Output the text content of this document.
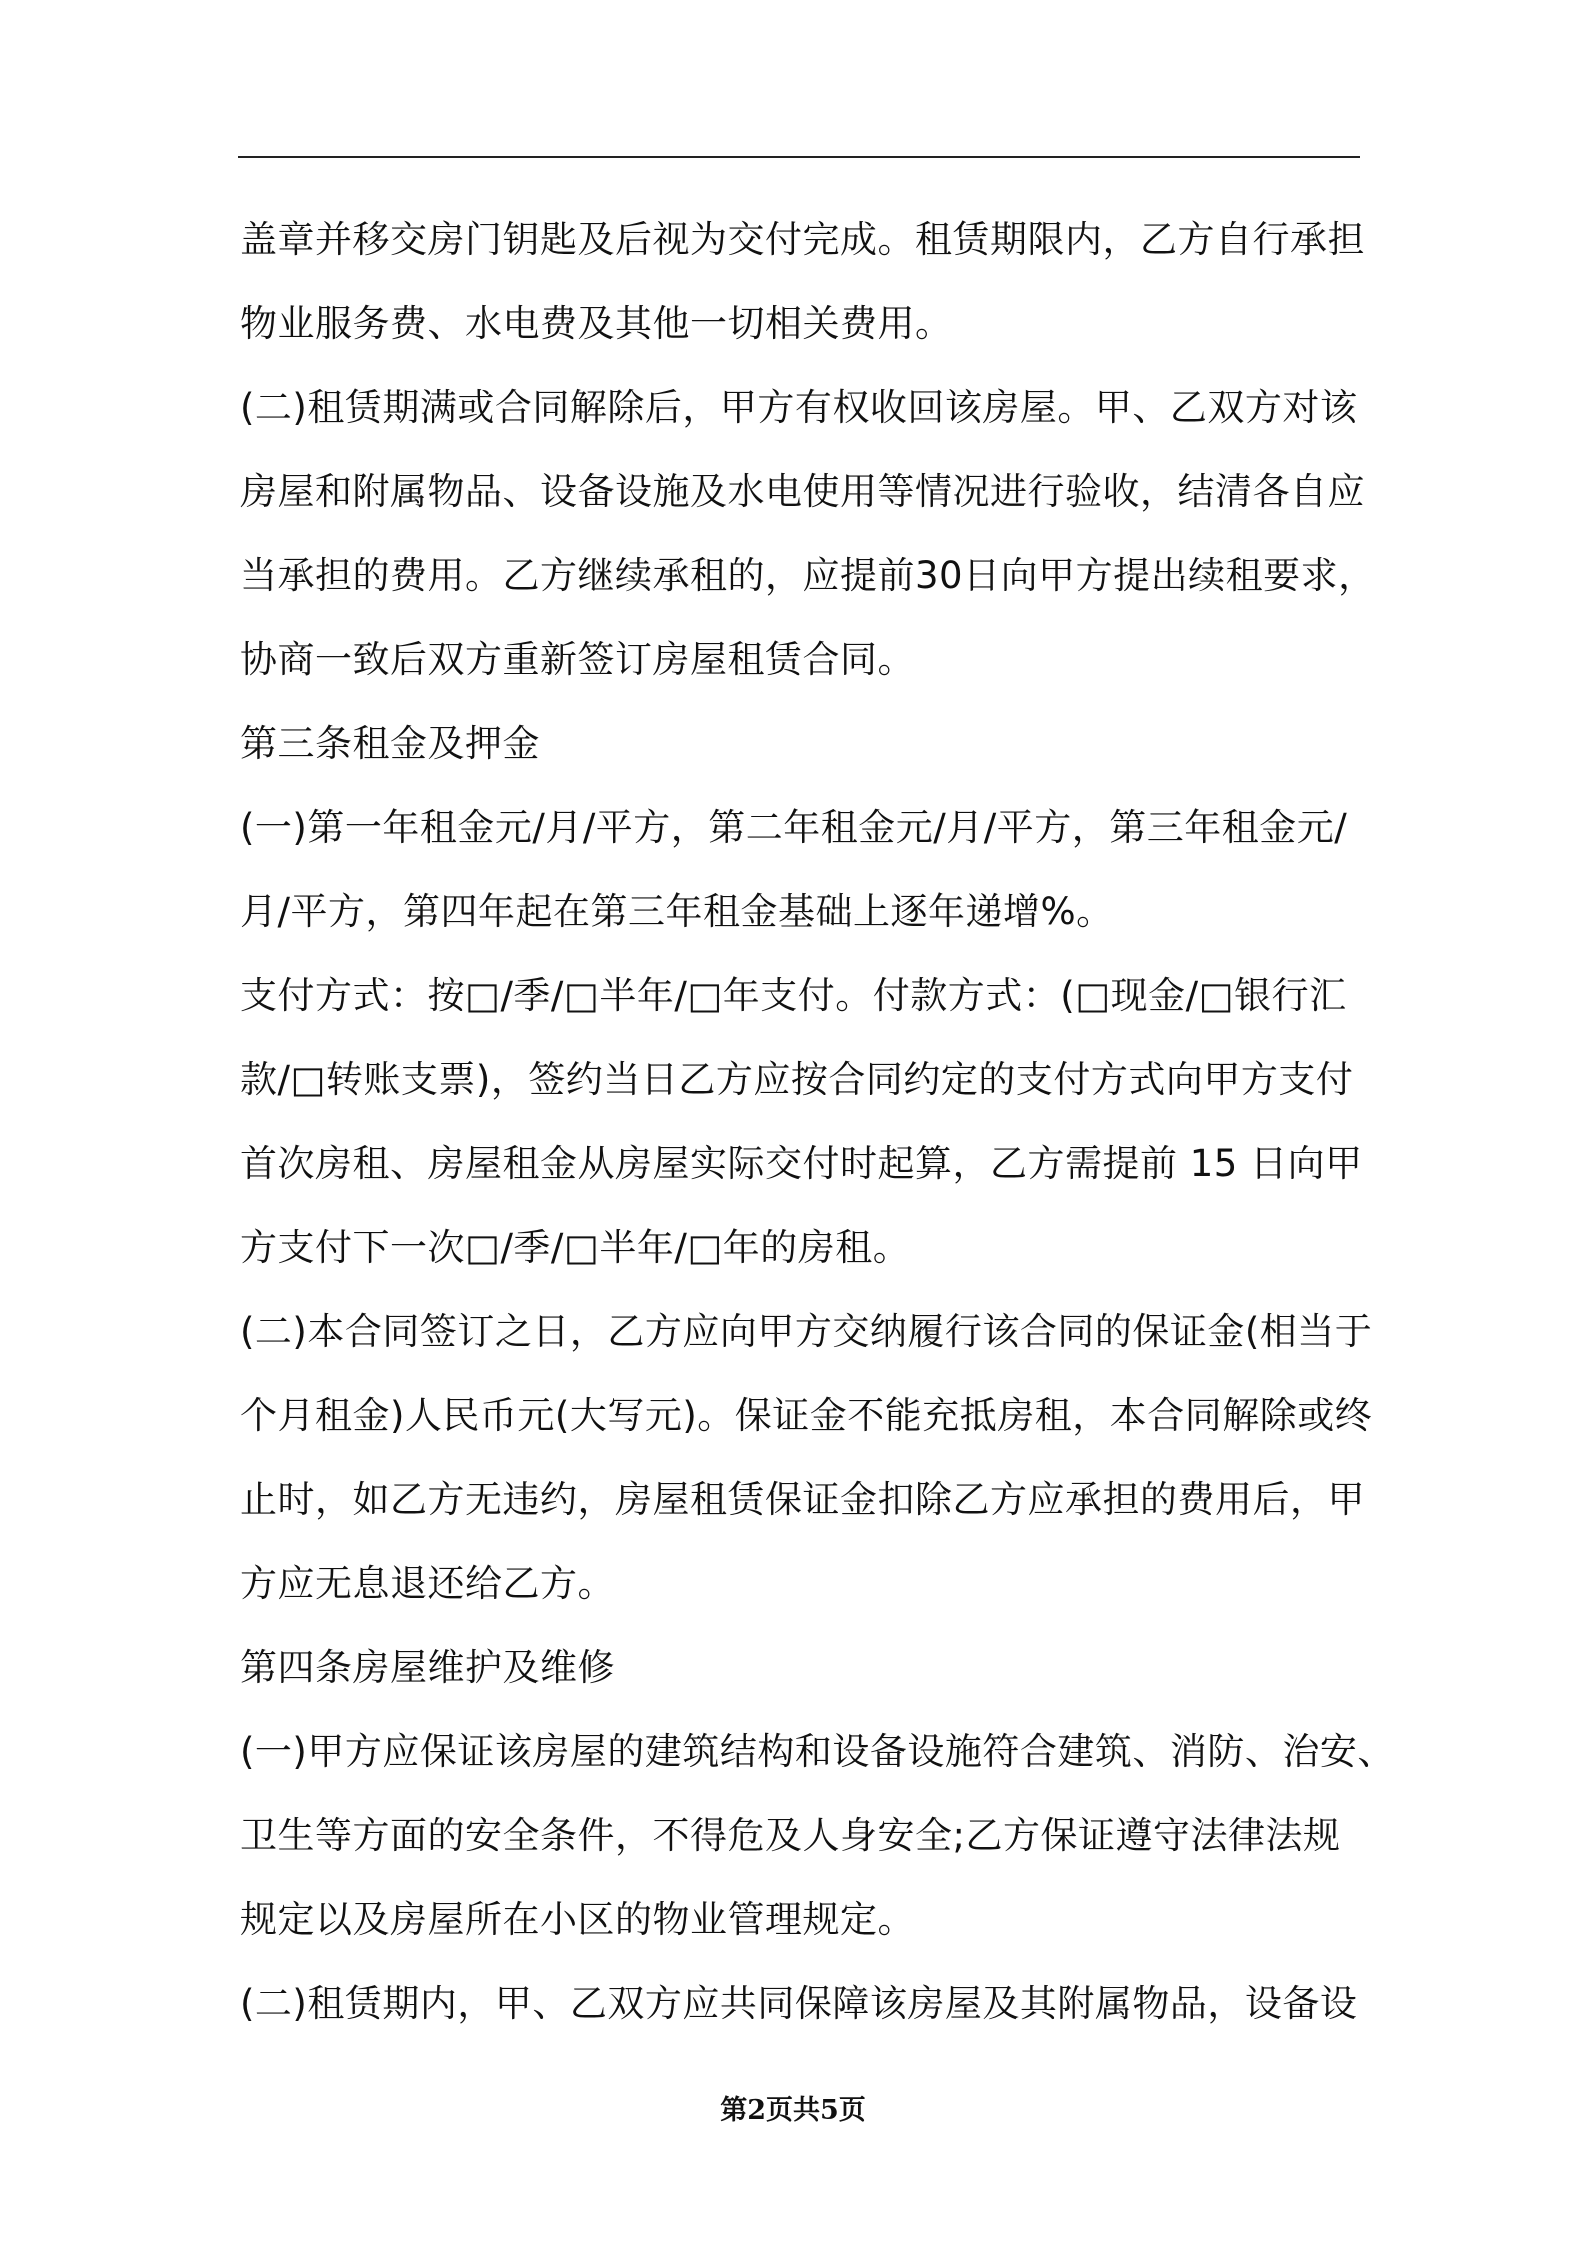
盖章并移交房门钥匙及后视为交付完成。租赁期限内，乙方自行承担
物业服务费、水电费及其他一切相关费用。
(二)租赁期满或合同解除后，甲方有权收回该房屋。甲、乙双方对该
房屋和附属物品、设备设施及水电使用等情况进行验收，结清各自应
当承担的费用。乙方继续承租的，应提前30日向甲方提出续租要求，
协商一致后双方重新签订房屋租赁合同。
第三条租金及押金
(一)第一年租金元/月/平方，第二年租金元/月/平方，第三年租金元/
月/平方，第四年起在第三年租金基础上逐年递增%。
支付方式：按□/季/□半年/□年支付。付款方式：(□现金/□银行汇
款/□转账支票)，签约当日乙方应按合同约定的支付方式向甲方支付
首次房租、房屋租金从房屋实际交付时起算，乙方需提前 15 日向甲
方支付下一次□/季/□半年/□年的房租。
(二)本合同签订之日，乙方应向甲方交纳履行该合同的保证金(相当于
个月租金)人民币元(大写元)。保证金不能充抵房租，本合同解除或终
止时，如乙方无违约，房屋租赁保证金扣除乙方应承担的费用后，甲
方应无息退还给乙方。
第四条房屋维护及维修
(一)甲方应保证该房屋的建筑结构和设备设施符合建筑、消防、治安、
卫生等方面的安全条件，不得危及人身安全;乙方保证遵守法律法规
规定以及房屋所在小区的物业管理规定。
(二)租赁期内，甲、乙双方应共同保障该房屋及其附属物品，设备设
第2页共5页
